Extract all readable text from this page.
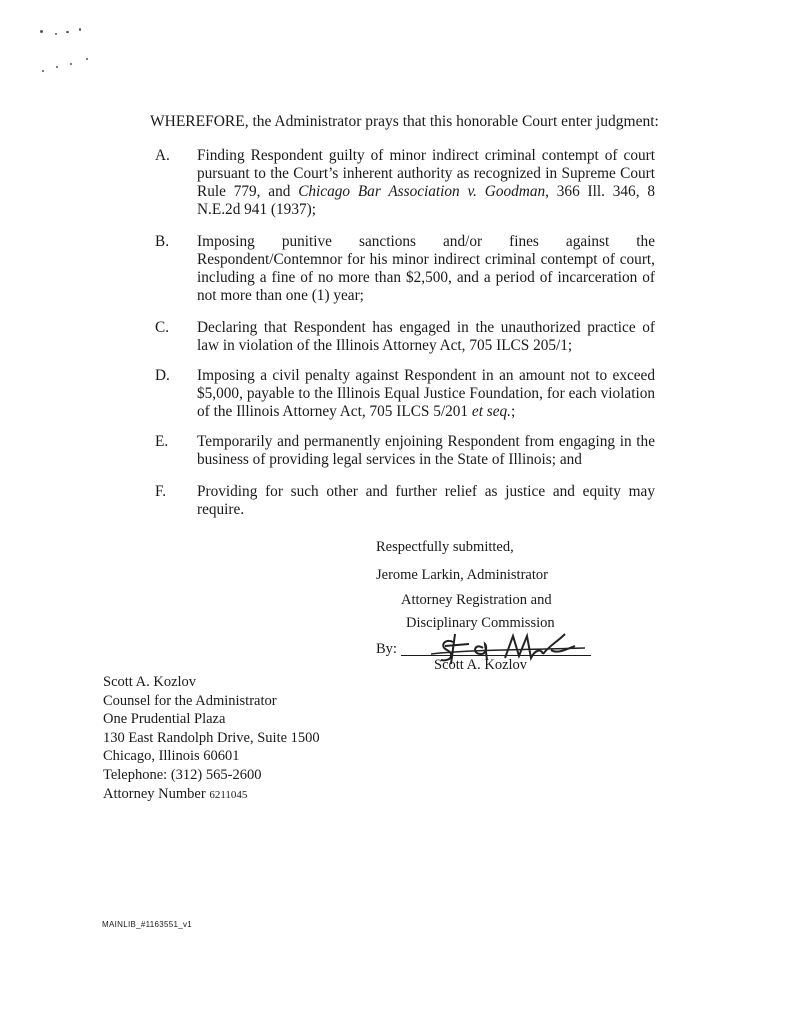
WHEREFORE, the Administrator prays that this honorable Court enter judgment:
A. Finding Respondent guilty of minor indirect criminal contempt of court pursuant to the Court’s inherent authority as recognized in Supreme Court Rule 779, and Chicago Bar Association v. Goodman, 366 Ill. 346, 8 N.E.2d 941 (1937);
B. Imposing punitive sanctions and/or fines against the Respondent/Contemnor for his minor indirect criminal contempt of court, including a fine of no more than $2,500, and a period of incarceration of not more than one (1) year;
C. Declaring that Respondent has engaged in the unauthorized practice of law in violation of the Illinois Attorney Act, 705 ILCS 205/1;
D. Imposing a civil penalty against Respondent in an amount not to exceed $5,000, payable to the Illinois Equal Justice Foundation, for each violation of the Illinois Attorney Act, 705 ILCS 5/201 et seq.;
E. Temporarily and permanently enjoining Respondent from engaging in the business of providing legal services in the State of Illinois; and
F. Providing for such other and further relief as justice and equity may require.
Respectfully submitted,
Jerome Larkin, Administrator
Attorney Registration and
Disciplinary Commission
By:
Scott A. Kozlov
Scott A. Kozlov
Counsel for the Administrator
One Prudential Plaza
130 East Randolph Drive, Suite 1500
Chicago, Illinois 60601
Telephone: (312) 565-2600
Attorney Number 6211045
MAINLIB_#1163551_v1
